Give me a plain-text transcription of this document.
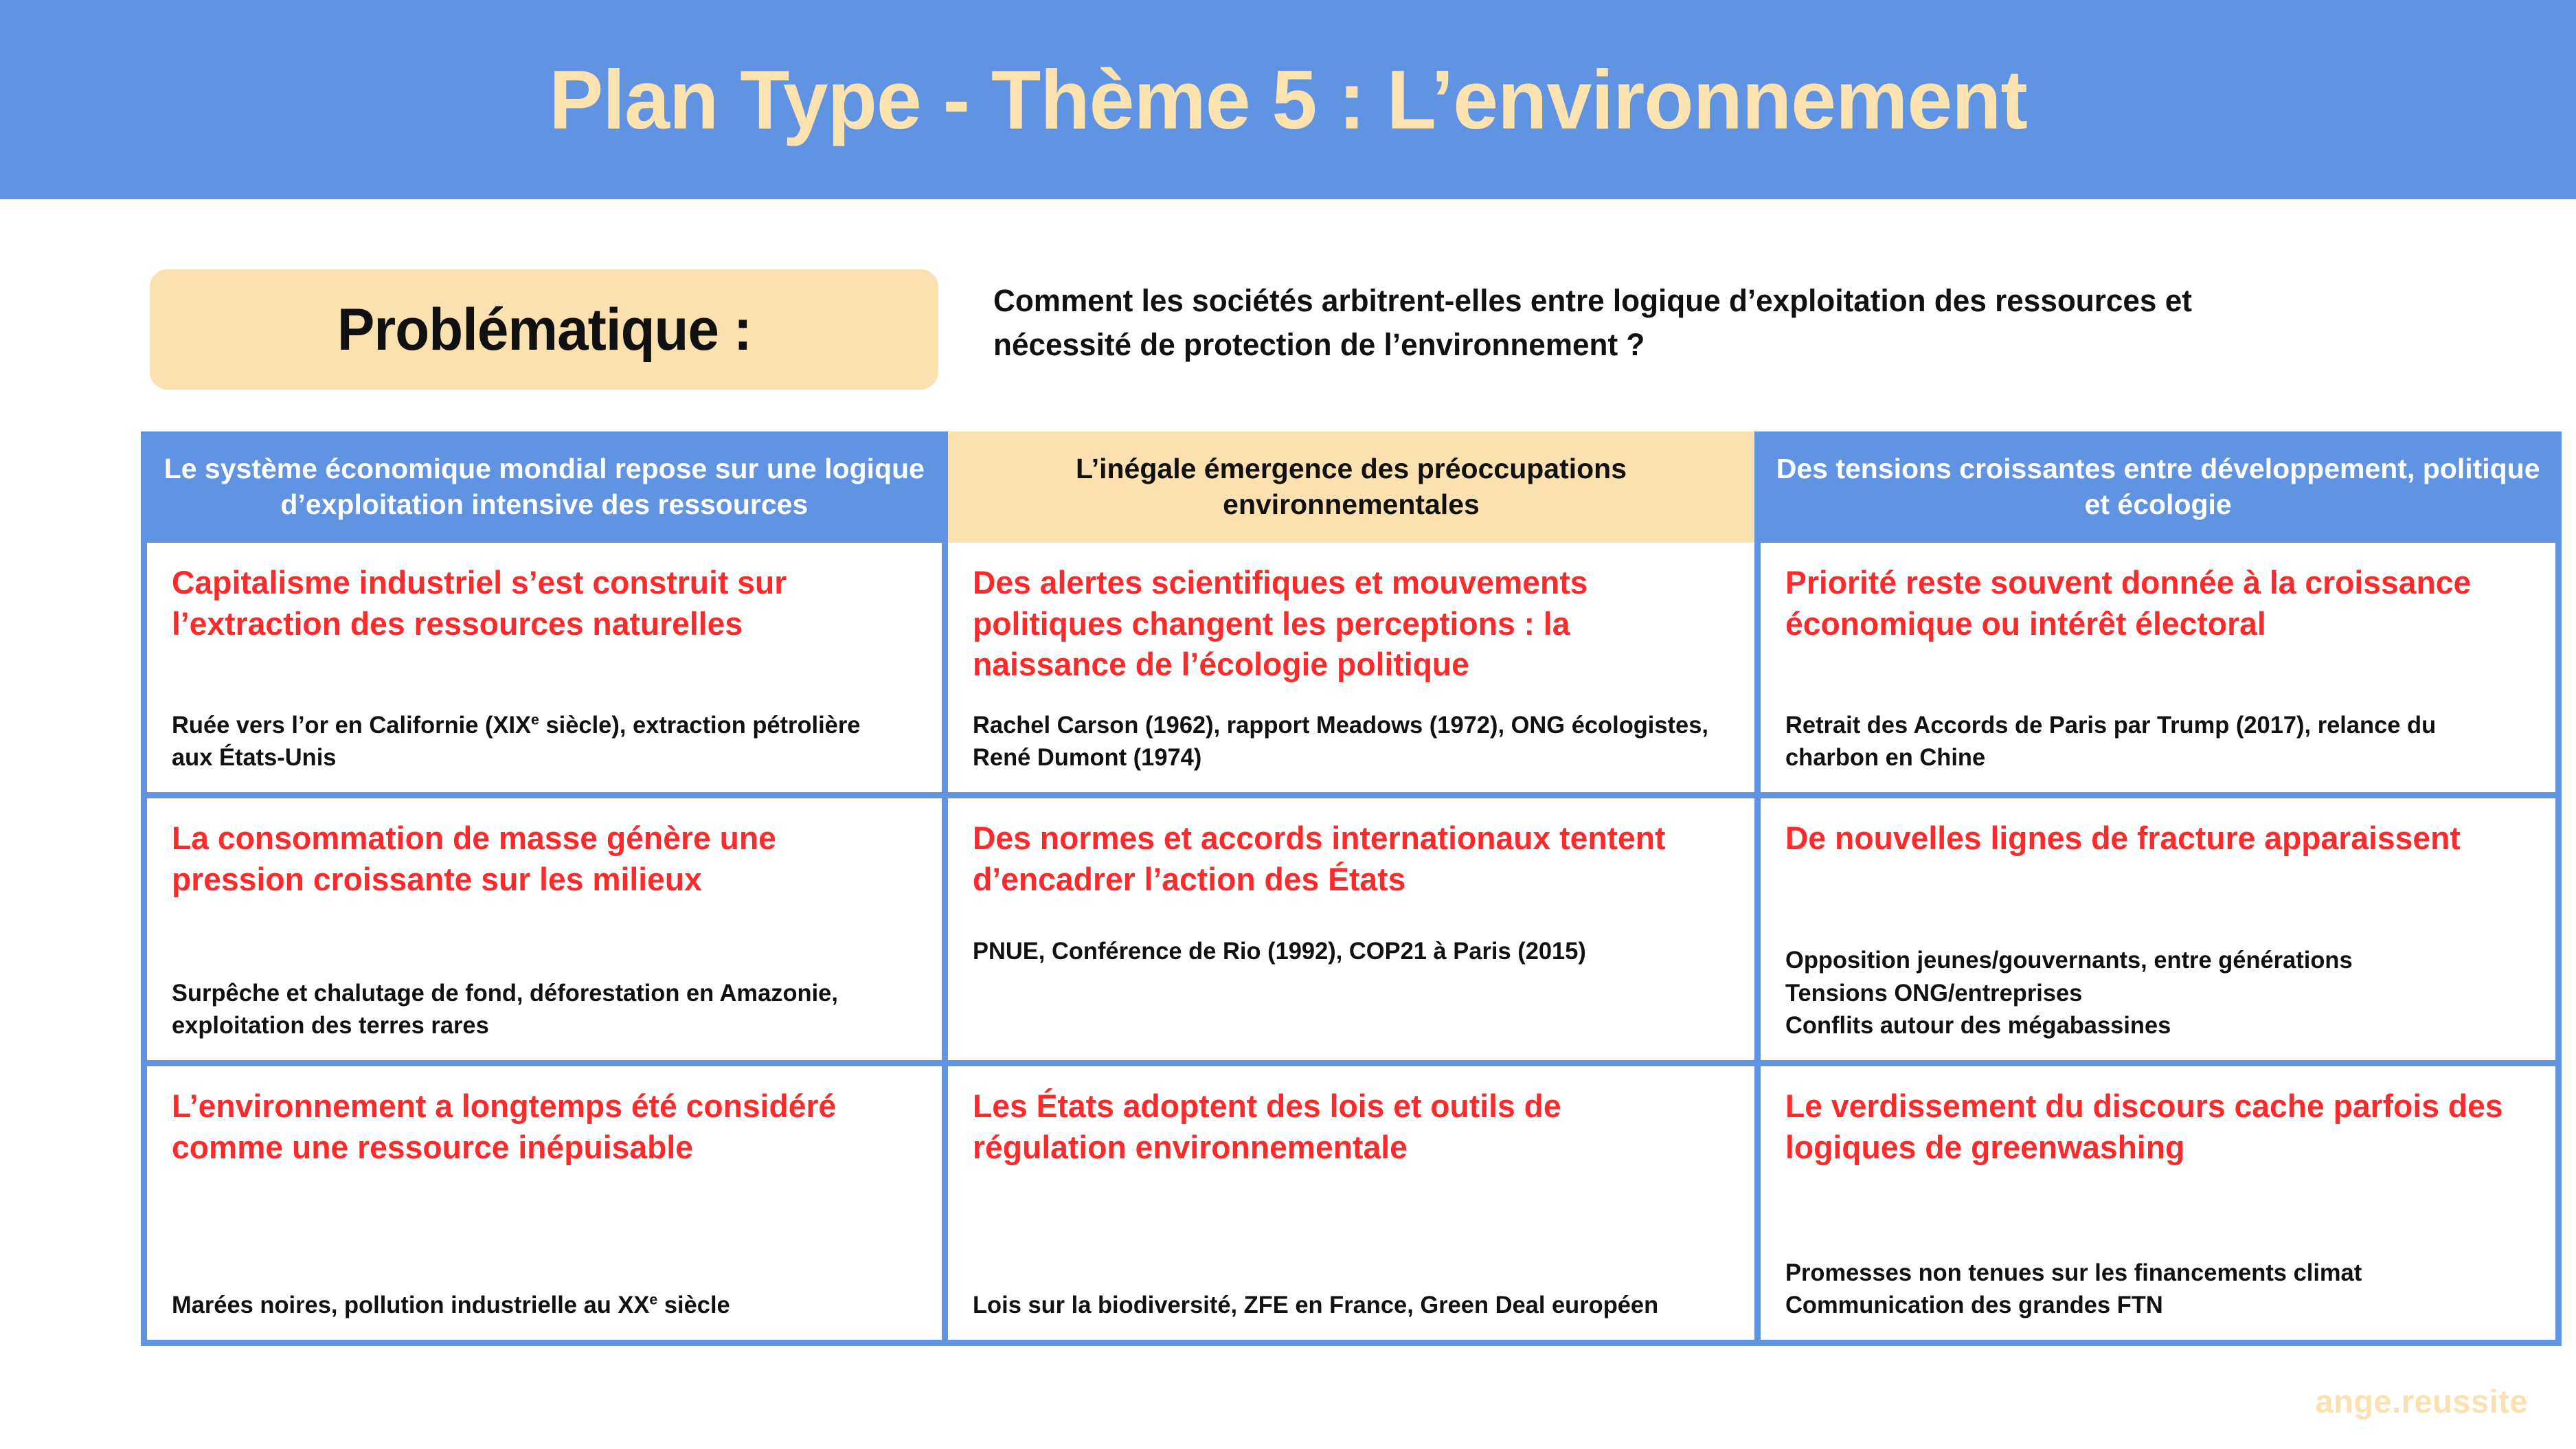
Plan Type - Thème 5 : L’environnement
Problématique :	Comment les sociétés arbitrent-elles entre logique d’exploitation des ressources et nécessité de protection de l’environnement ?
Le système économique mondial repose sur une logique d’exploitation intensive des ressources
Capitalisme industriel s’est construit sur l’extraction des ressources naturelles
Ruée vers l’or en Californie (XIXe siècle), extraction pétrolière aux États-Unis
La consommation de masse génère une pression croissante sur les milieux
Surpêche et chalutage de fond, déforestation en Amazonie, exploitation des terres rares
L’environnement a longtemps été considéré comme une ressource inépuisable
Marées noires, pollution industrielle au XXe siècle
L’inégale émergence des préoccupations environnementales
Des alertes scientifiques et mouvements politiques changent les perceptions : la naissance de l’écologie politique
Rachel Carson (1962), rapport Meadows (1972), ONG écologistes, René Dumont (1974)
Des normes et accords internationaux tentent d’encadrer l’action des États
PNUE, Conférence de Rio (1992), COP21 à Paris (2015)
Les États adoptent des lois et outils de régulation environnementale
Lois sur la biodiversité, ZFE en France, Green Deal européen
Des tensions croissantes entre développement, politique et écologie
Priorité reste souvent donnée à la croissance économique ou intérêt électoral
Retrait des Accords de Paris par Trump (2017), relance du charbon en Chine
De nouvelles lignes de fracture apparaissent
Opposition jeunes/gouvernants, entre générations
Tensions ONG/entreprises
Conflits autour des mégabassines
Le verdissement du discours cache parfois des logiques de greenwashing
Promesses non tenues sur les financements climat
Communication des grandes FTN
ange.reussite
